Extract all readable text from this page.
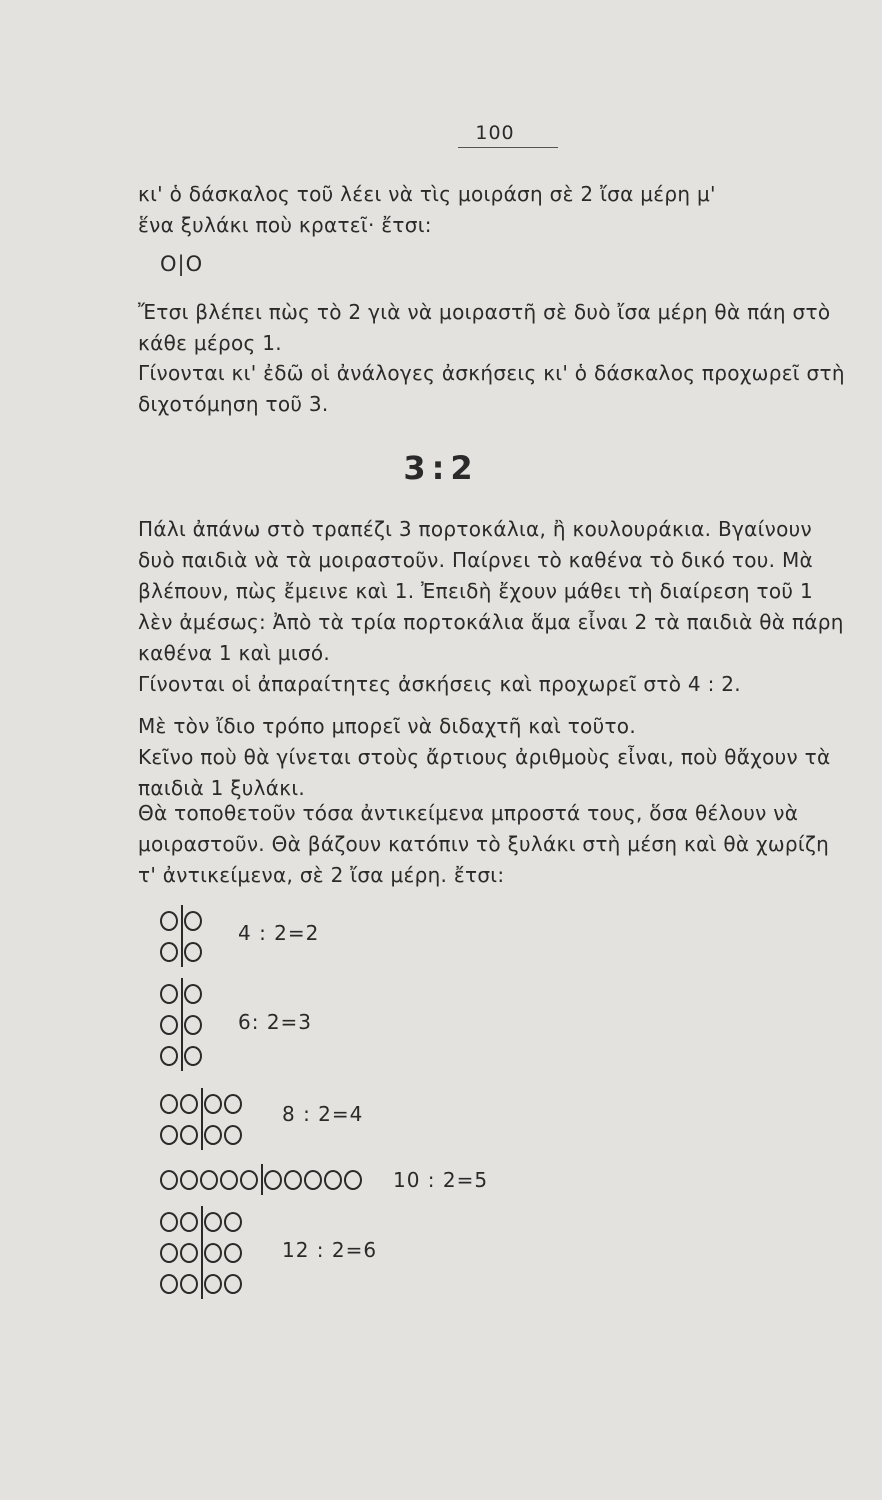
100

κι' ὁ δάσκαλος τοῦ λέει νὰ τὶς μοιράση σὲ 2 ἴσα μέρη μ'

ἕνα ξυλάκι ποὺ κρατεῖ· ἔτσι:

O|O
Ἔτσι βλέπει πὼς τὸ 2 γιὰ νὰ μοιραστῆ σὲ δυὸ ἴσα μέρη θὰ πάη στὸ κάθε μέρος 1.
Γίνονται κι' ἐδῶ οἱ ἀνάλογες ἀσκήσεις κι' ὁ δάσκαλος προχωρεῖ στὴ διχοτόμηση τοῦ 3.
3:2
Πάλι ἀπάνω στὸ τραπέζι 3 πορτοκάλια, ἢ κουλουράκια. Βγαίνουν δυὸ παιδιὰ νὰ τὰ μοιραστοῦν. Παίρνει τὸ καθένα τὸ δικό του. Μὰ βλέπουν, πὼς ἔμεινε καὶ 1. Ἐπειδὴ ἔχουν μάθει τὴ διαίρεση τοῦ 1 λὲν ἀμέσως: Ἀπὸ τὰ τρία πορτοκάλια ἅμα εἶναι 2 τὰ παιδιὰ θὰ πάρη καθένα 1 καὶ μισό.
Γίνονται οἱ ἀπαραίτητες ἀσκήσεις καὶ προχωρεῖ στὸ 4 : 2.
Μὲ τὸν ἴδιο τρόπο μπορεῖ νὰ διδαχτῆ καὶ τοῦτο.
Κεῖνο ποὺ θὰ γίνεται στοὺς ἄρτιους ἀριθμοὺς εἶναι, ποὺ θἄχουν τὰ παιδιὰ 1 ξυλάκι.
Θὰ τοποθετοῦν τόσα ἀντικείμενα μπροστά τους, ὅσα θέλουν νὰ μοιραστοῦν. Θὰ βάζουν κατόπιν τὸ ξυλάκι στὴ μέση καὶ θὰ χωρίζη τ' ἀντικείμενα, σὲ 2 ἴσα μέρη. ἔτσι:
4 : 2=2
6: 2=3
8 : 2=4
10 : 2=5
12 : 2=6
